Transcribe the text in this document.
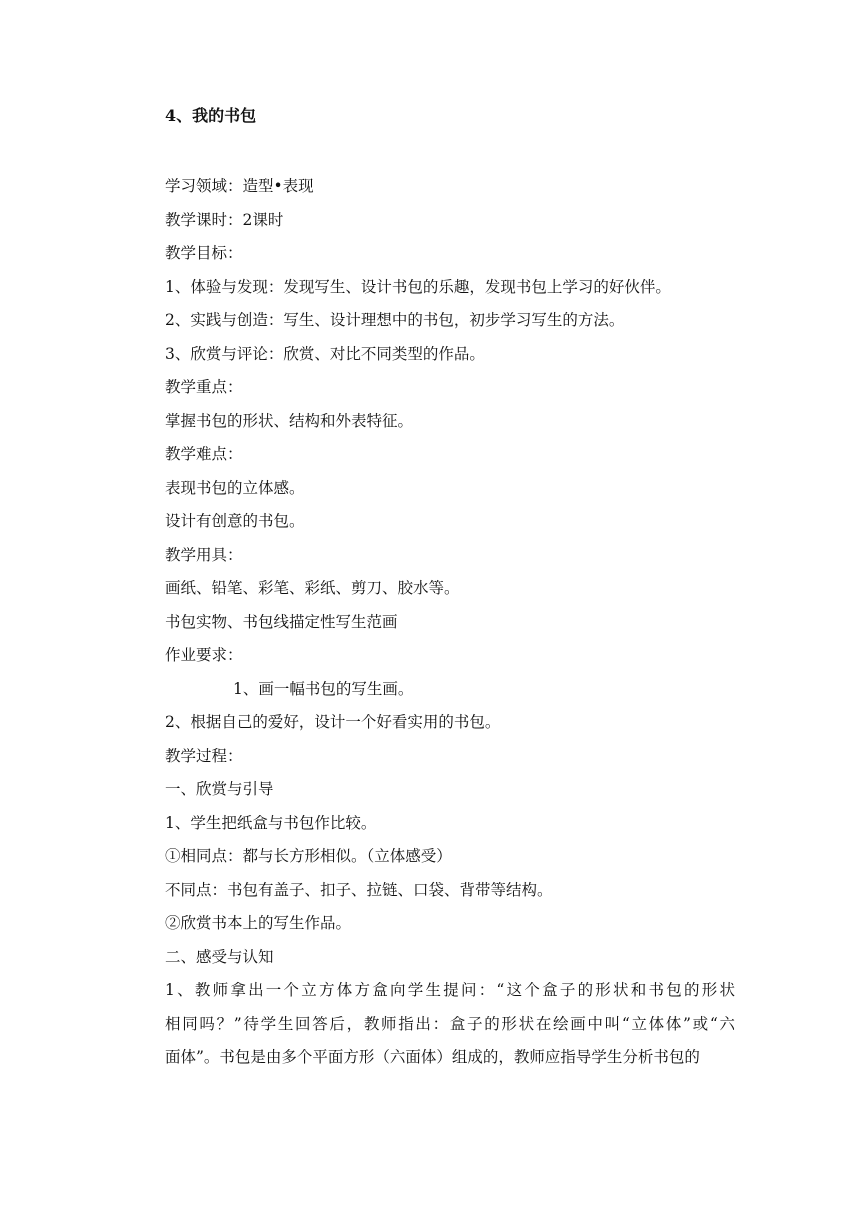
4、我的书包
学习领域：造型•表现
教学课时：2课时
教学目标：
1、体验与发现：发现写生、设计书包的乐趣，发现书包上学习的好伙伴。
2、实践与创造：写生、设计理想中的书包，初步学习写生的方法。
3、欣赏与评论：欣赏、对比不同类型的作品。
教学重点：
掌握书包的形状、结构和外表特征。
教学难点：
表现书包的立体感。
设计有创意的书包。
教学用具：
画纸、铅笔、彩笔、彩纸、剪刀、胶水等。
书包实物、书包线描定性写生范画
作业要求：
1、画一幅书包的写生画。
2、根据自己的爱好，设计一个好看实用的书包。
教学过程：
一、欣赏与引导
1、学生把纸盒与书包作比较。
①相同点：都与长方形相似。（立体感受）
不同点：书包有盖子、扣子、拉链、口袋、背带等结构。
②欣赏书本上的写生作品。
二、感受与认知
1、教师拿出一个立方体方盒向学生提问：“这个盒子的形状和书包的形状
相同吗？”待学生回答后，教师指出：盒子的形状在绘画中叫“立体体”或“六
面体”。书包是由多个平面方形（六面体）组成的，教师应指导学生分析书包的
